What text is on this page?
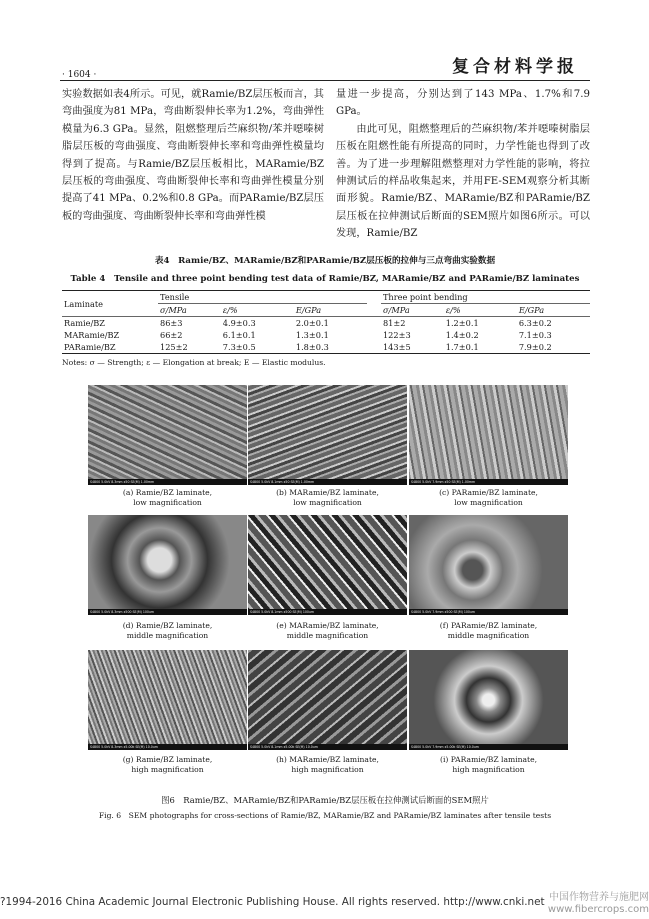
· 1604 ·	复合材料学报

实验数据如表4所示。可见，就Ramie/BZ层压板而言，其弯曲强度为81 MPa，弯曲断裂伸长率为1.2%，弯曲弹性模量为6.3 GPa。显然，阻燃整理后苎麻织物/苯并噁嗪树脂层压板的弯曲强度、弯曲断裂伸长率和弯曲弹性模量均得到了提高。与Ramie/BZ层压板相比，MARamie/BZ层压板的弯曲强度、弯曲断裂伸长率和弯曲弹性模量分别提高了41 MPa、0.2%和0.8 GPa。而PARamie/BZ层压板的弯曲强度、弯曲断裂伸长率和弯曲弹性模

量进一步提高，分别达到了143 MPa、1.7%和7.9 GPa。

由此可见，阻燃整理后的苎麻织物/苯并噁嗪树脂层压板在阻燃性能有所提高的同时，力学性能也得到了改善。为了进一步理解阻燃整理对力学性能的影响，将拉伸测试后的样品收集起来，并用FE-SEM观察分析其断面形貌。Ramie/BZ、MARamie/BZ和PARamie/BZ层压板在拉伸测试后断面的SEM照片如图6所示。可以发现，Ramie/BZ

表4　Ramie/BZ、MARamie/BZ和PARamie/BZ层压板的拉伸与三点弯曲实验数据
Table 4　Tensile and three point bending test data of Ramie/BZ, MARamie/BZ and PARamie/BZ laminates
Laminate	Tensile				Three point bending		
	σ/MPa	ε/%	E/GPa		σ/MPa	ε/%	E/GPa
Ramie/BZ	86±3	4.9±0.3	2.0±0.1		81±2	1.2±0.1	6.3±0.2
MARamie/BZ	66±2	6.1±0.1	1.3±0.1		122±3	1.4±0.2	7.1±0.3
PARamie/BZ	125±2	7.3±0.5	1.8±0.3		143±5	1.7±0.1	7.9±0.2
Notes: σ — Strength; ε — Elongation at break; E — Elastic modulus.
S4800 5.0kV 8.3mm x50 SE(M) 1.00mm
(a) Ramie/BZ laminate,
low magnification
S4800 5.0kV 8.1mm x50 SE(M) 1.00mm
(b) MARamie/BZ laminate,
low magnification
S4800 5.0kV 7.9mm x50 SE(M) 1.00mm
(c) PARamie/BZ laminate,
low magnification
S4800 5.0kV 8.3mm x500 SE(M) 100um
(d) Ramie/BZ laminate,
middle magnification
S4800 5.0kV 8.1mm x500 SE(M) 100um
(e) MARamie/BZ laminate,
middle magnification
S4800 5.0kV 7.9mm x500 SE(M) 100um
(f) PARamie/BZ laminate,
middle magnification
S4800 5.0kV 8.3mm x5.00k SE(M) 10.0um
(g) Ramie/BZ laminate,
high magnification
S4800 5.0kV 8.1mm x5.00k SE(M) 10.0um
(h) MARamie/BZ laminate,
high magnification
S4800 5.0kV 7.9mm x5.00k SE(M) 10.0um
(i) PARamie/BZ laminate,
high magnification
图6　Ramie/BZ、MARamie/BZ和PARamie/BZ层压板在拉伸测试后断面的SEM照片
Fig. 6　SEM photographs for cross-sections of Ramie/BZ, MARamie/BZ and PARamie/BZ laminates after tensile tests
?1994-2016 China Academic Journal Electronic Publishing House. All rights reserved. http://www.cnki.net 中国作物营养与施肥网 www.fibercrops.com
